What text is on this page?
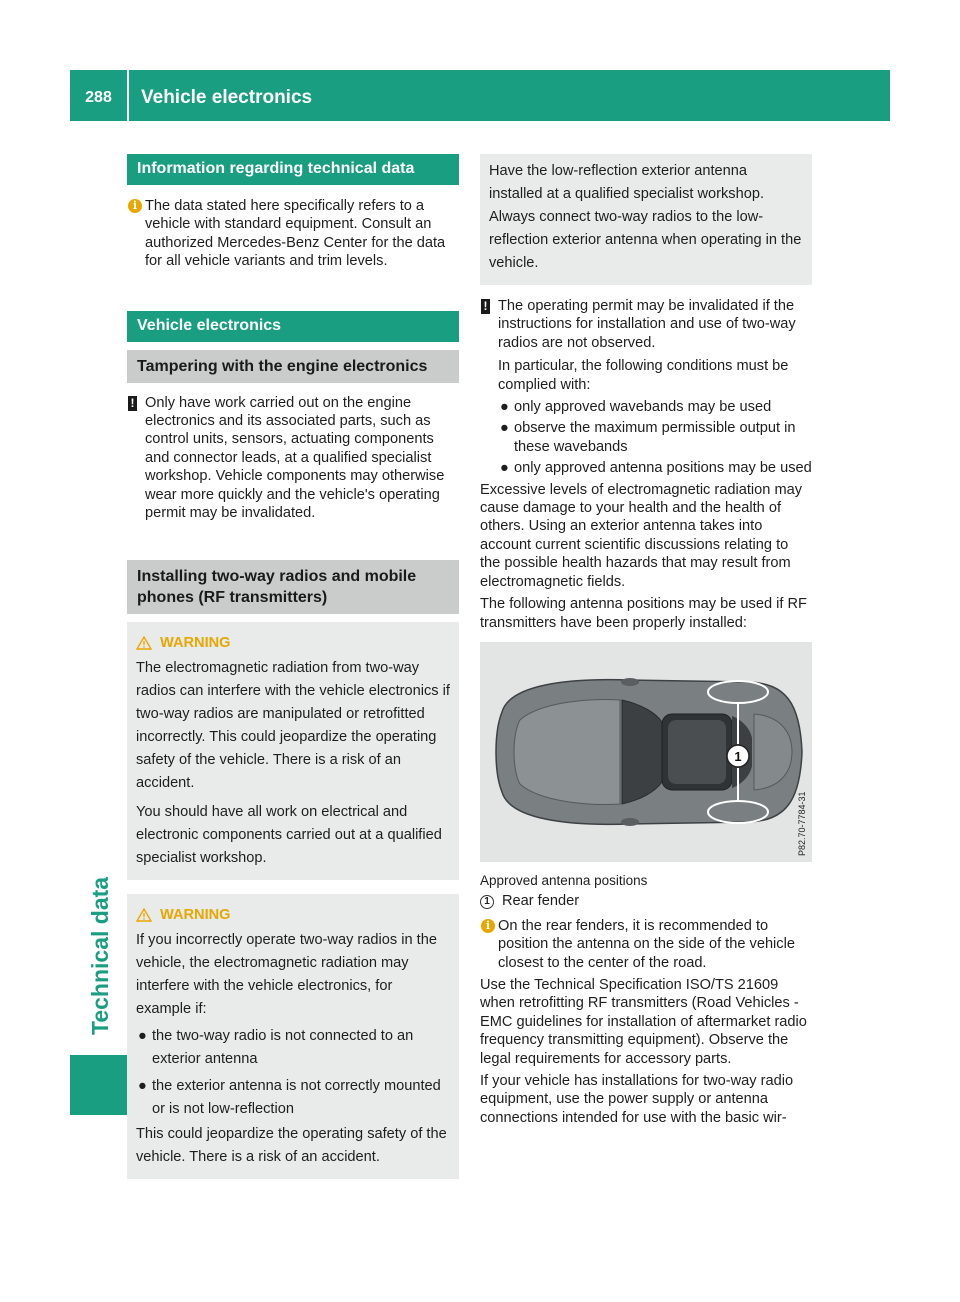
288	Vehicle electronics
Technical data
Information regarding technical data
i The data stated here specifically refers to a vehicle with standard equipment. Consult an authorized Mercedes-Benz Center for the data for all vehicle variants and trim levels.
Vehicle electronics
Tampering with the engine electronics
! Only have work carried out on the engine electronics and its associated parts, such as control units, sensors, actuating components and connector leads, at a qualified specialist workshop. Vehicle components may otherwise wear more quickly and the vehicle's operating permit may be invalidated.
Installing two-way radios and mobile phones (RF transmitters)
WARNING

The electromagnetic radiation from two-way radios can interfere with the vehicle electronics if two-way radios are manipulated or retrofitted incorrectly. This could jeopardize the operating safety of the vehicle. There is a risk of an accident.

You should have all work on electrical and electronic components carried out at a qualified specialist workshop.

WARNING

If you incorrectly operate two-way radios in the vehicle, the electromagnetic radiation may interfere with the vehicle electronics, for example if:

● the two-way radio is not connected to an exterior antenna
● the exterior antenna is not correctly mounted or is not low-reflection

This could jeopardize the operating safety of the vehicle. There is a risk of an accident.

Have the low-reflection exterior antenna installed at a qualified specialist workshop. Always connect two-way radios to the low-reflection exterior antenna when operating in the vehicle.

! The operating permit may be invalidated if the instructions for installation and use of two-way radios are not observed.
In particular, the following conditions must be complied with:
● only approved wavebands may be used
● observe the maximum permissible output in these wavebands
● only approved antenna positions may be used

Excessive levels of electromagnetic radiation may cause damage to your health and the health of others. Using an exterior antenna takes into account current scientific discussions relating to the possible health hazards that may result from electromagnetic fields.

The following antenna positions may be used if RF transmitters have been properly installed:

1
P82.70-7784-31
Approved antenna positions
1 Rear fender
i On the rear fenders, it is recommended to position the antenna on the side of the vehicle closest to the center of the road.

Use the Technical Specification ISO/TS 21609 when retrofitting RF transmitters (Road Vehicles - EMC guidelines for installation of aftermarket radio frequency transmitting equipment). Observe the legal requirements for accessory parts.

If your vehicle has installations for two-way radio equipment, use the power supply or antenna connections intended for use with the basic wir-
